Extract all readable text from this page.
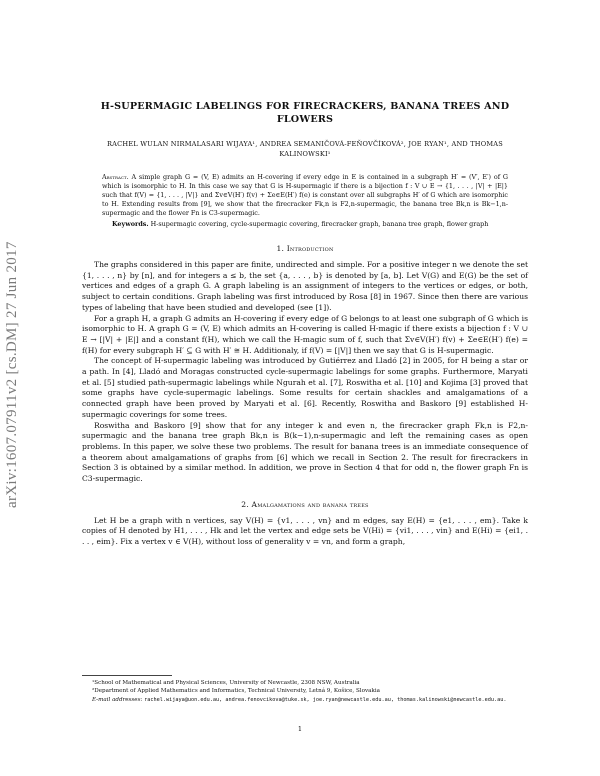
arXiv:1607.07911v2 [cs.DM] 27 Jun 2017
H-SUPERMAGIC LABELINGS FOR FIRECRACKERS, BANANA TREES AND FLOWERS
RACHEL WULAN NIRMALASARI WIJAYA¹, ANDREA SEMANIČOVÁ-FEŇOVČÍKOVÁ², JOE RYAN¹, AND THOMAS KALINOWSKI¹

Abstract. A simple graph G = (V, E) admits an H-covering if every edge in E is contained in a subgraph H′ = (V′, E′) of G which is isomorphic to H. In this case we say that G is H-supermagic if there is a bijection f : V ∪ E → {1, . . . , |V| + |E|} such that f(V) = {1, . . . , |V|} and Σv∈V(H′) f(v) + Σe∈E(H′) f(e) is constant over all subgraphs H′ of G which are isomorphic to H. Extending results from [9], we show that the firecracker Fk,n is F2,n-supermagic, the banana tree Bk,n is Bk−1,n-supermagic and the flower Fn is C3-supermagic.

Keywords. H-supermagic covering, cycle-supermagic covering, firecracker graph, banana tree graph, flower graph

1. Introduction

The graphs considered in this paper are finite, undirected and simple. For a positive integer n we denote the set {1, . . . , n} by [n], and for integers a ≤ b, the set {a, . . . , b} is denoted by [a, b]. Let V(G) and E(G) be the set of vertices and edges of a graph G. A graph labeling is an assignment of integers to the vertices or edges, or both, subject to certain conditions. Graph labeling was first introduced by Rosa [8] in 1967. Since then there are various types of labeling that have been studied and developed (see [1]).

For a graph H, a graph G admits an H-covering if every edge of G belongs to at least one subgraph of G which is isomorphic to H. A graph G = (V, E) which admits an H-covering is called H-magic if there exists a bijection f : V ∪ E → [|V| + |E|] and a constant f(H), which we call the H-magic sum of f, such that Σv∈V(H′) f(v) + Σe∈E(H′) f(e) = f(H) for every subgraph H′ ⊆ G with H′ ≅ H. Additionaly, if f(V) = [|V|] then we say that G is H-supermagic.

The concept of H-supermagic labeling was introduced by Gutiérrez and Lladó [2] in 2005, for H being a star or a path. In [4], Lladó and Moragas constructed cycle-supermagic labelings for some graphs. Furthermore, Maryati et al. [5] studied path-supermagic labelings while Ngurah et al. [7], Roswitha et al. [10] and Kojima [3] proved that some graphs have cycle-supermagic labelings. Some results for certain shackles and amalgamations of a connected graph have been proved by Maryati et al. [6]. Recently, Roswitha and Baskoro [9] established H-supermagic coverings for some trees.

Roswitha and Baskoro [9] show that for any integer k and even n, the firecracker graph Fk,n is F2,n-supermagic and the banana tree graph Bk,n is B(k−1),n-supermagic and left the remaining cases as open problems. In this paper, we solve these two problems. The result for banana trees is an immediate consequence of a theorem about amalgamations of graphs from [6] which we recall in Section 2. The result for firecrackers in Section 3 is obtained by a similar method. In addition, we prove in Section 4 that for odd n, the flower graph Fn is C3-supermagic.

2. Amalgamations and banana trees

Let H be a graph with n vertices, say V(H) = {v1, . . . , vn} and m edges, say E(H) = {e1, . . . , em}. Take k copies of H denoted by H1, . . . , Hk and let the vertex and edge sets be V(Hi) = {vi1, . . . , vin} and E(Hi) = {ei1, . . . , eim}. Fix a vertex v ∈ V(H), without loss of generality v = vn, and form a graph,

¹School of Mathematical and Physical Sciences, University of Newcastle, 2308 NSW, Australia

²Department of Applied Mathematics and Informatics, Technical University, Letná 9, Košice, Slovakia

E-mail addresses: rachel.wijaya@uon.edu.au, andrea.fenovcikova@tuke.sk, joe.ryan@newcastle.edu.au, thomas.kalinowski@newcastle.edu.au.

1
